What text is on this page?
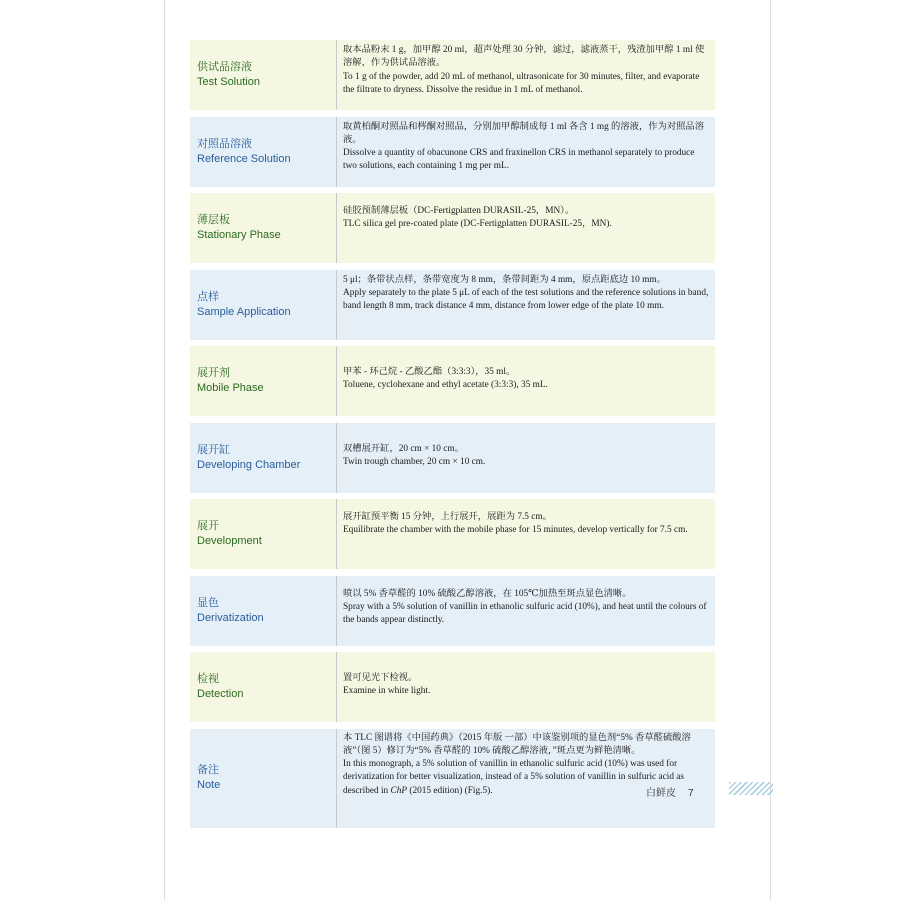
供试品溶液
Test Solution

取本品粉末 1 g，加甲醇 20 ml，超声处理 30 分钟，滤过，滤液蒸干，残渣加甲醇 1 ml 使溶解，作为供试品溶液。

To 1 g of the powder, add 20 mL of methanol, ultrasonicate for 30 minutes, filter, and evaporate the filtrate to dryness. Dissolve the residue in 1 mL of methanol.

对照品溶液
Reference Solution

取黄柏酮对照品和梣酮对照品，分别加甲醇制成每 1 ml 各含 1 mg 的溶液，作为对照品溶液。

Dissolve a quantity of obacunone CRS and fraxinellon CRS in methanol separately to produce two solutions, each containing 1 mg per mL.

薄层板
Stationary Phase

硅胶预制薄层板（DC-Fertigplatten DURASIL-25，MN）。

TLC silica gel pre-coated plate (DC-Fertigplatten DURASIL-25，MN).

点样
Sample Application

5 μl；条带状点样，条带宽度为 8 mm，条带间距为 4 mm，原点距底边 10 mm。

Apply separately to the plate 5 μL of each of the test solutions and the reference solutions in band, band length 8 mm, track distance 4 mm, distance from lower edge of the plate 10 mm.

展开剂
Mobile Phase

甲苯 - 环己烷 - 乙酸乙酯（3:3:3），35 ml。

Toluene, cyclohexane and ethyl acetate (3:3:3), 35 mL.

展开缸
Developing Chamber

双槽展开缸，20 cm × 10 cm。

Twin trough chamber, 20 cm × 10 cm.

展开
Development

展开缸预平衡 15 分钟，上行展开，展距为 7.5 cm。

Equilibrate the chamber with the mobile phase for 15 minutes, develop vertically for 7.5 cm.

显色
Derivatization

喷以 5% 香草醛的 10% 硫酸乙醇溶液，在 105℃加热至斑点显色清晰。

Spray with a 5% solution of vanillin in ethanolic sulfuric acid (10%), and heat until the colours of the bands appear distinctly.

检视
Detection

置可见光下检视。

Examine in white light.

备注
Note

本 TLC 图谱将《中国药典》（2015 年版 一部）中该鉴别项的显色剂“5% 香草醛硫酸溶液”（图 5）修订为“5% 香草醛的 10% 硫酸乙醇溶液，”斑点更为鲜艳清晰。

In this monograph, a 5% solution of vanillin in ethanolic sulfuric acid (10%) was used for derivatization for better visualization, instead of a 5% solution of vanillin in sulfuric acid as described in ChP (2015 edition) (Fig.5).	白鲜皮 7
